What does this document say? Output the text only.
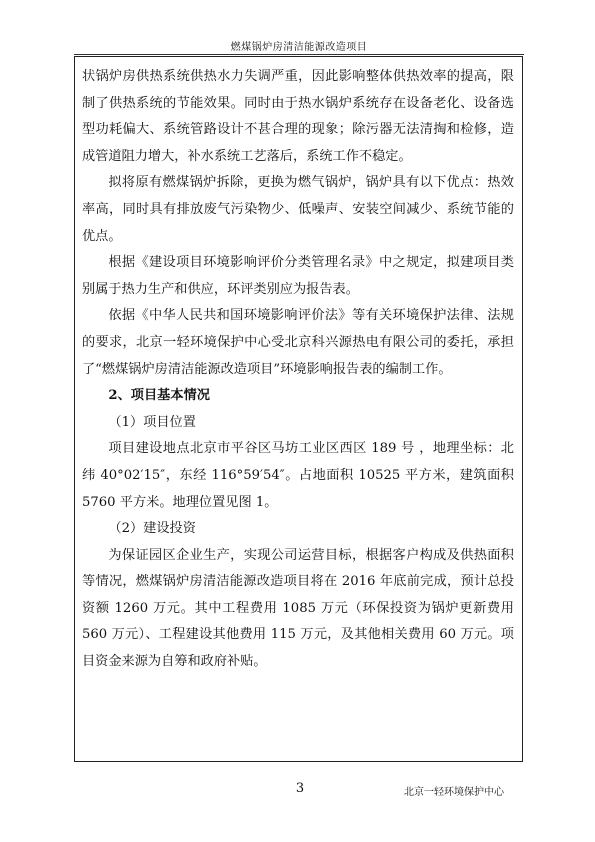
燃煤锅炉房清洁能源改造项目

状锅炉房供热系统供热水力失调严重，因此影响整体供热效率的提高，限制了供热系统的节能效果。同时由于热水锅炉系统存在设备老化、设备选型功耗偏大、系统管路设计不甚合理的现象；除污器无法清掏和检修，造成管道阻力增大，补水系统工艺落后，系统工作不稳定。

拟将原有燃煤锅炉拆除，更换为燃气锅炉，锅炉具有以下优点：热效率高，同时具有排放废气污染物少、低噪声、安装空间减少、系统节能的优点。

根据《建设项目环境影响评价分类管理名录》中之规定，拟建项目类别属于热力生产和供应，环评类别应为报告表。

依据《中华人民共和国环境影响评价法》等有关环境保护法律、法规的要求，北京一轻环境保护中心受北京科兴源热电有限公司的委托，承担了“燃煤锅炉房清洁能源改造项目”环境影响报告表的编制工作。

2、项目基本情况

（1）项目位置

项目建设地点北京市平谷区马坊工业区西区 189 号 ，地理坐标：北纬 40°02′15″，东经 116°59′54″。占地面积 10525 平方米，建筑面积 5760 平方米。地理位置见图 1。

（2）建设投资

为保证园区企业生产，实现公司运营目标，根据客户构成及供热面积等情况，燃煤锅炉房清洁能源改造项目将在 2016 年底前完成，预计总投资额 1260 万元。其中工程费用 1085 万元（环保投资为锅炉更新费用 560 万元）、工程建设其他费用 115 万元，及其他相关费用 60 万元。项目资金来源为自筹和政府补贴。

3	北京一轻环境保护中心
